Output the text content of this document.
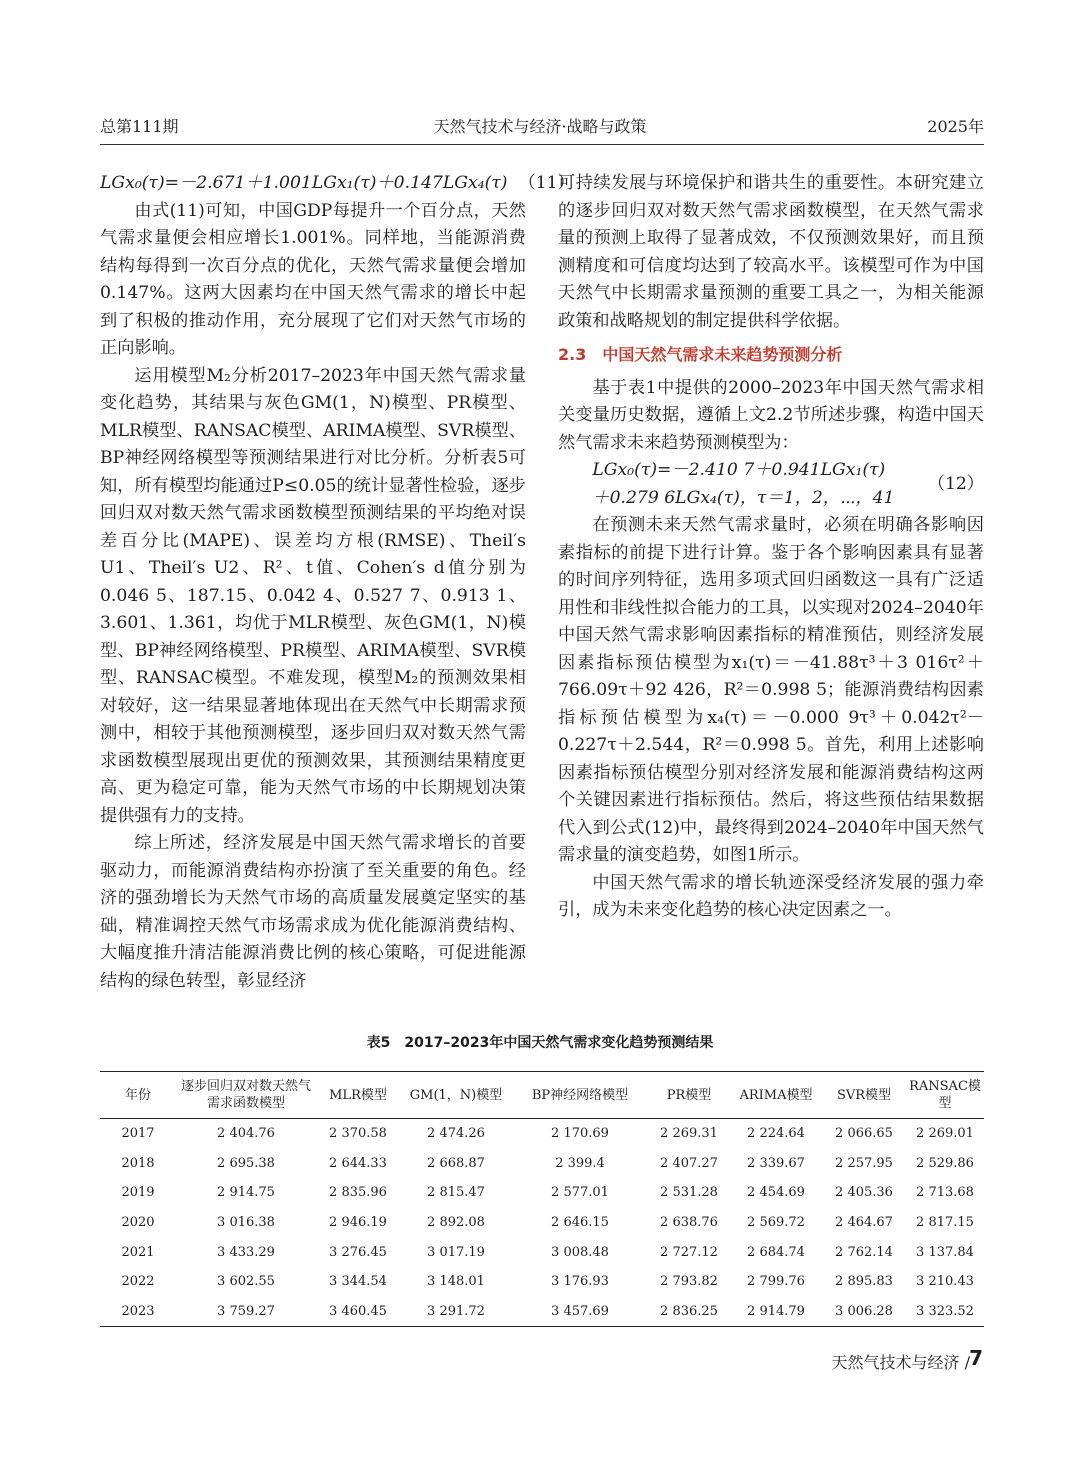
总第111期	天然气技术与经济·战略与政策	2025年
LGx₀(τ)=－2.671＋1.001LGx₁(τ)＋0.147LGx₄(τ) （11）

由式(11)可知，中国GDP每提升一个百分点，天然气需求量便会相应增长1.001%。同样地，当能源消费结构每得到一次百分点的优化，天然气需求量便会增加0.147%。这两大因素均在中国天然气需求的增长中起到了积极的推动作用，充分展现了它们对天然气市场的正向影响。

运用模型M₂分析2017–2023年中国天然气需求量变化趋势，其结果与灰色GM(1，N)模型、PR模型、MLR模型、RANSAC模型、ARIMA模型、SVR模型、BP神经网络模型等预测结果进行对比分析。分析表5可知，所有模型均能通过P≤0.05的统计显著性检验，逐步回归双对数天然气需求函数模型预测结果的平均绝对误差百分比(MAPE)、误差均方根(RMSE)、Theil′s U1、Theil′s U2、R²、t值、Cohen′s d值分别为0.046 5、187.15、0.042 4、0.527 7、0.913 1、3.601、1.361，均优于MLR模型、灰色GM(1，N)模型、BP神经网络模型、PR模型、ARIMA模型、SVR模型、RANSAC模型。不难发现，模型M₂的预测效果相对较好，这一结果显著地体现出在天然气中长期需求预测中，相较于其他预测模型，逐步回归双对数天然气需求函数模型展现出更优的预测效果，其预测结果精度更高、更为稳定可靠，能为天然气市场的中长期规划决策提供强有力的支持。

综上所述，经济发展是中国天然气需求增长的首要驱动力，而能源消费结构亦扮演了至关重要的角色。经济的强劲增长为天然气市场的高质量发展奠定坚实的基础，精准调控天然气市场需求成为优化能源消费结构、大幅度推升清洁能源消费比例的核心策略，可促进能源结构的绿色转型，彰显经济

可持续发展与环境保护和谐共生的重要性。本研究建立的逐步回归双对数天然气需求函数模型，在天然气需求量的预测上取得了显著成效，不仅预测效果好，而且预测精度和可信度均达到了较高水平。该模型可作为中国天然气中长期需求量预测的重要工具之一，为相关能源政策和战略规划的制定提供科学依据。

2.3　中国天然气需求未来趋势预测分析

基于表1中提供的2000–2023年中国天然气需求相关变量历史数据，遵循上文2.2节所述步骤，构造中国天然气需求未来趋势预测模型为：

LGx₀(τ)=－2.410 7＋0.941LGx₁(τ)
＋0.279 6LGx₄(τ)，τ＝1，2，⋯，41
（12）

在预测未来天然气需求量时，必须在明确各影响因素指标的前提下进行计算。鉴于各个影响因素具有显著的时间序列特征，选用多项式回归函数这一具有广泛适用性和非线性拟合能力的工具，以实现对2024–2040年中国天然气需求影响因素指标的精准预估，则经济发展因素指标预估模型为x₁(τ)＝－41.88τ³＋3 016τ²＋766.09τ＋92 426，R²＝0.998 5；能源消费结构因素指标预估模型为x₄(τ)＝－0.000 9τ³＋0.042τ²－0.227τ＋2.544，R²＝0.998 5。首先，利用上述影响因素指标预估模型分别对经济发展和能源消费结构这两个关键因素进行指标预估。然后，将这些预估结果数据代入到公式(12)中，最终得到2024–2040年中国天然气需求量的演变趋势，如图1所示。

中国天然气需求的增长轨迹深受经济发展的强力牵引，成为未来变化趋势的核心决定因素之一。

表5　2017–2023年中国天然气需求变化趋势预测结果
年份	逐步回归双对数天然气需求函数模型	MLR模型	GM(1，N)模型	BP神经网络模型	PR模型	ARIMA模型	SVR模型	RANSAC模型
2017	2 404.76	2 370.58	2 474.26	2 170.69	2 269.31	2 224.64	2 066.65	2 269.01
2018	2 695.38	2 644.33	2 668.87	2 399.4	2 407.27	2 339.67	2 257.95	2 529.86
2019	2 914.75	2 835.96	2 815.47	2 577.01	2 531.28	2 454.69	2 405.36	2 713.68
2020	3 016.38	2 946.19	2 892.08	2 646.15	2 638.76	2 569.72	2 464.67	2 817.15
2021	3 433.29	3 276.45	3 017.19	3 008.48	2 727.12	2 684.74	2 762.14	3 137.84
2022	3 602.55	3 344.54	3 148.01	3 176.93	2 793.82	2 799.76	2 895.83	3 210.43
2023	3 759.27	3 460.45	3 291.72	3 457.69	2 836.25	2 914.79	3 006.28	3 323.52
天然气技术与经济 / 7
